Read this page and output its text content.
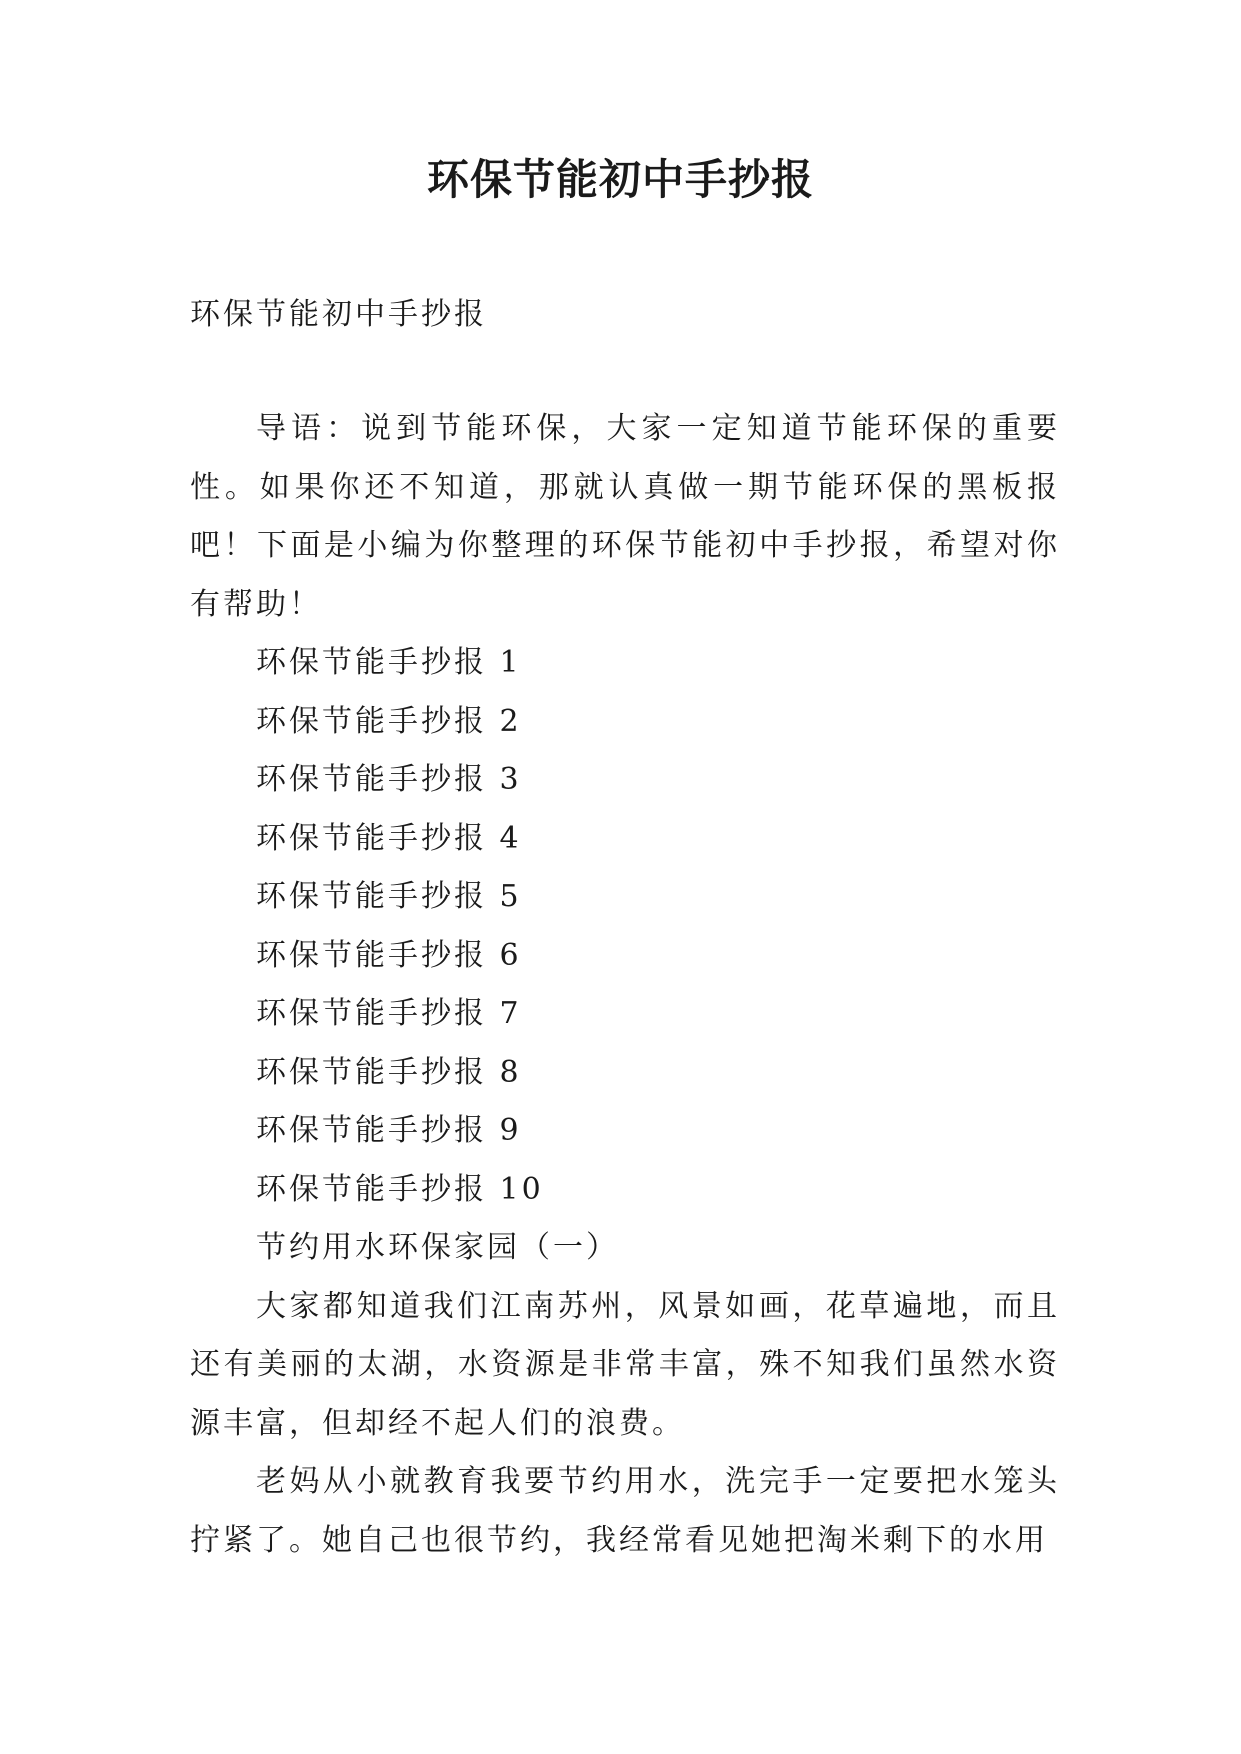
环保节能初中手抄报

环保节能初中手抄报

导语：说到节能环保，大家一定知道节能环保的重要性。如果你还不知道，那就认真做一期节能环保的黑板报吧！下面是小编为你整理的环保节能初中手抄报，希望对你有帮助！

环保节能手抄报 1

环保节能手抄报 2

环保节能手抄报 3

环保节能手抄报 4

环保节能手抄报 5

环保节能手抄报 6

环保节能手抄报 7

环保节能手抄报 8

环保节能手抄报 9

环保节能手抄报 10

节约用水环保家园（一）

大家都知道我们江南苏州，风景如画，花草遍地，而且还有美丽的太湖，水资源是非常丰富，殊不知我们虽然水资源丰富，但却经不起人们的浪费。

老妈从小就教育我要节约用水，洗完手一定要把水笼头拧紧了。她自己也很节约，我经常看见她把淘米剩下的水用
